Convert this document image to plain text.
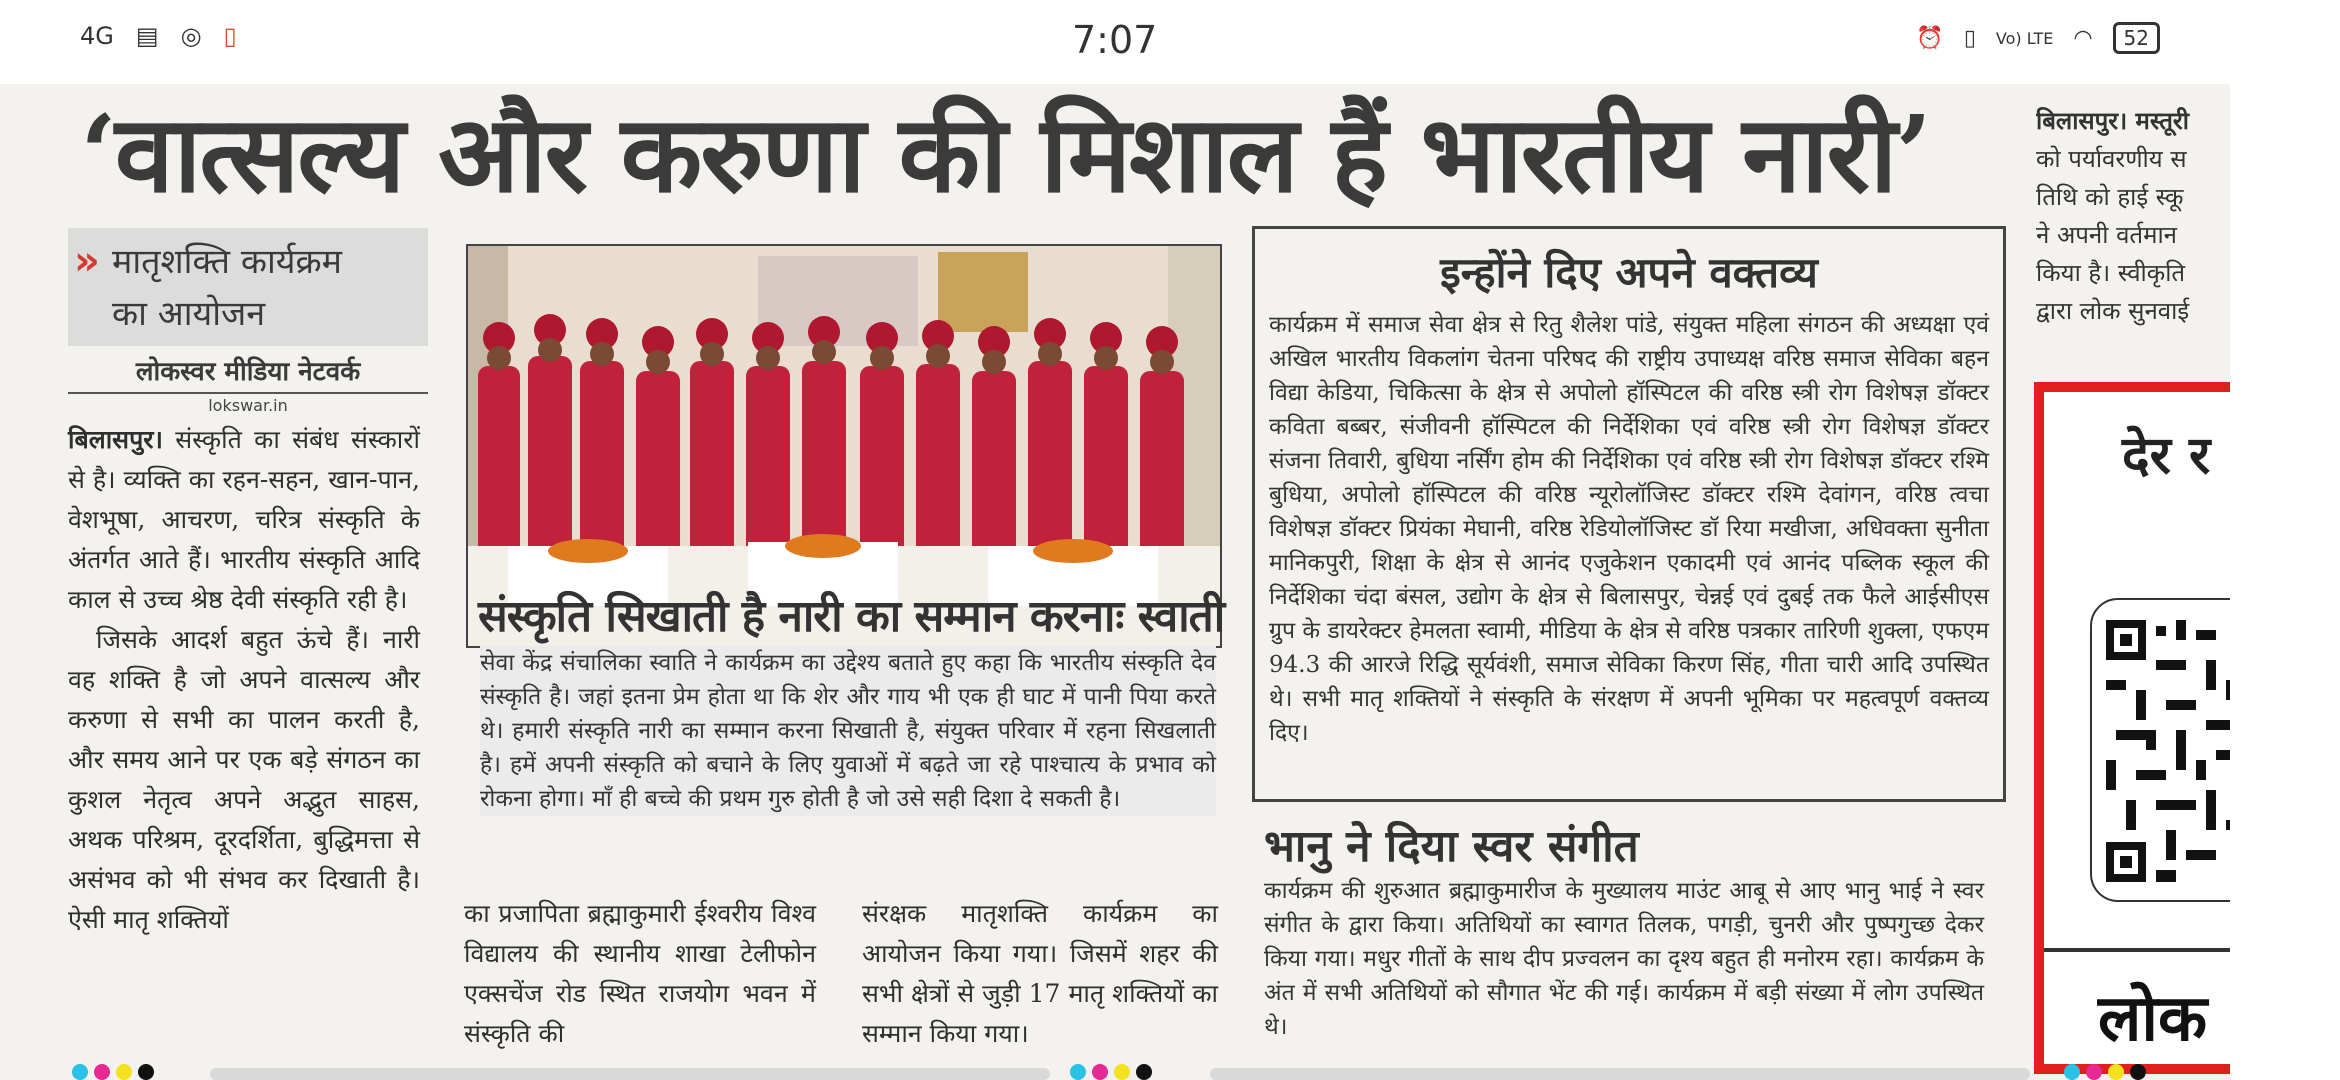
4G ▤ ◎ ▯	7:07	⏰ ▯ Vo) LTE ◠	52
‘वात्सल्य और करुणा की मिशाल हैं भारतीय नारी’
» मातृशक्ति कार्यक्रम
का आयोजन
लोकस्वर मीडिया नेटवर्क
lokswar.in

बिलासपुर। संस्कृति का संबंध संस्कारों से है। व्यक्ति का रहन-सहन, खान-पान, वेशभूषा, आचरण, चरित्र संस्कृति के अंतर्गत आते हैं। भारतीय संस्कृति आदि काल से उच्च श्रेष्ठ देवी संस्कृति रही है।

जिसके आदर्श बहुत ऊंचे हैं। नारी वह शक्ति है जो अपने वात्सल्य और करुणा से सभी का पालन करती है, और समय आने पर एक बड़े संगठन का कुशल नेतृत्व अपने अद्भुत साहस, अथक परिश्रम, दूरदर्शिता, बुद्धिमत्ता से असंभव को भी संभव कर दिखाती है। ऐसी मातृ शक्तियों

संस्कृति सिखाती है नारी का सम्मान करनाः स्वाती
सेवा केंद्र संचालिका स्वाति ने कार्यक्रम का उद्देश्य बताते हुए कहा कि भारतीय संस्कृति देव संस्कृति है। जहां इतना प्रेम होता था कि शेर और गाय भी एक ही घाट में पानी पिया करते थे। हमारी संस्कृति नारी का सम्मान करना सिखाती है, संयुक्त परिवार में रहना सिखलाती है। हमें अपनी संस्कृति को बचाने के लिए युवाओं में बढ़ते जा रहे पाश्चात्य के प्रभाव को रोकना होगा। माँ ही बच्चे की प्रथम गुरु होती है जो उसे सही दिशा दे सकती है।
का प्रजापिता ब्रह्माकुमारी ईश्वरीय विश्व विद्यालय की स्थानीय शाखा टेलीफोन एक्सचेंज रोड स्थित राजयोग भवन में संस्कृति की
संरक्षक मातृशक्ति कार्यक्रम का आयोजन किया गया। जिसमें शहर की सभी क्षेत्रों से जुड़ी 17 मातृ शक्तियों का सम्मान किया गया।
इन्होंने दिए अपने वक्तव्य
कार्यक्रम में समाज सेवा क्षेत्र से रितु शैलेश पांडे, संयुक्त महिला संगठन की अध्यक्षा एवं अखिल भारतीय विकलांग चेतना परिषद की राष्ट्रीय उपाध्यक्ष वरिष्ठ समाज सेविका बहन विद्या केडिया, चिकित्सा के क्षेत्र से अपोलो हॉस्पिटल की वरिष्ठ स्त्री रोग विशेषज्ञ डॉक्टर कविता बब्बर, संजीवनी हॉस्पिटल की निर्देशिका एवं वरिष्ठ स्त्री रोग विशेषज्ञ डॉक्टर संजना तिवारी, बुधिया नर्सिंग होम की निर्देशिका एवं वरिष्ठ स्त्री रोग विशेषज्ञ डॉक्टर रश्मि बुधिया, अपोलो हॉस्पिटल की वरिष्ठ न्यूरोलॉजिस्ट डॉक्टर रश्मि देवांगन, वरिष्ठ त्वचा विशेषज्ञ डॉक्टर प्रियंका मेघानी, वरिष्ठ रेडियोलॉजिस्ट डॉ रिया मखीजा, अधिवक्ता सुनीता मानिकपुरी, शिक्षा के क्षेत्र से आनंद एजुकेशन एकादमी एवं आनंद पब्लिक स्कूल की निर्देशिका चंदा बंसल, उद्योग के क्षेत्र से बिलासपुर, चेन्नई एवं दुबई तक फैले आईसीएस ग्रुप के डायरेक्टर हेमलता स्वामी, मीडिया के क्षेत्र से वरिष्ठ पत्रकार तारिणी शुक्ला, एफएम 94.3 की आरजे रिद्धि सूर्यवंशी, समाज सेविका किरण सिंह, गीता चारी आदि उपस्थित थे। सभी मातृ शक्तियों ने संस्कृति के संरक्षण में अपनी भूमिका पर महत्वपूर्ण वक्तव्य दिए।
भानु ने दिया स्वर संगीत
कार्यक्रम की शुरुआत ब्रह्माकुमारीज के मुख्यालय माउंट आबू से आए भानु भाई ने स्वर संगीत के द्वारा किया। अतिथियों का स्वागत तिलक, पगड़ी, चुनरी और पुष्पगुच्छ देकर किया गया। मधुर गीतों के साथ दीप प्रज्वलन का दृश्य बहुत ही मनोरम रहा। कार्यक्रम के अंत में सभी अतिथियों को सौगात भेंट की गई। कार्यक्रम में बड़ी संख्या में लोग उपस्थित थे।
बिलासपुर। मस्तूरी
को पर्यावरणीय स
तिथि को हाई स्कू
ने अपनी वर्तमान
किया है। स्वीकृति
द्वारा लोक सुनवाई
देर र
लोक
